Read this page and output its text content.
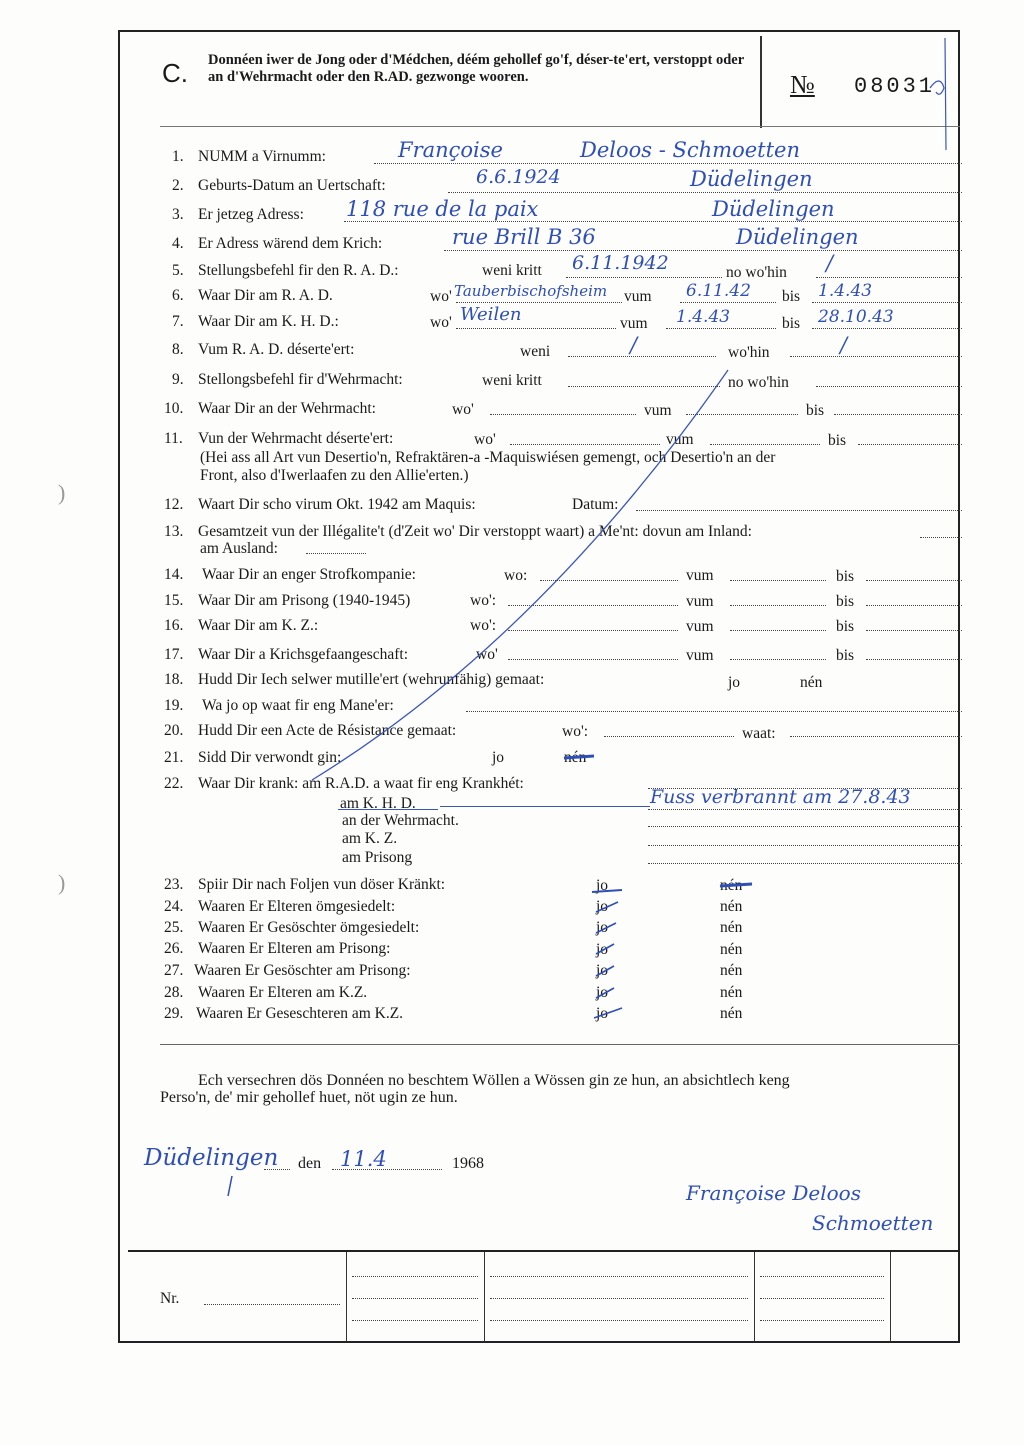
C. Donnéen iwer de Jong oder d'Médchen, déém gehollef go'f, déser-te'ert, verstoppt oder an d'Wehrmacht oder den R.AD. gezwonge wooren.	№ 08031
)
)
1. NUMM a Virnumm:	Françoise	Deloos - Schmoetten
2. Geburts-Datum an Uertschaft:	6.6.1924	Düdelingen
3. Er jetzeg Adress: 118 rue de la paix	Düdelingen
4. Er Adress wärend dem Krich:	rue Brill B 36	Düdelingen
5. Stellungsbefehl fir den R. A. D.:	weni kritt 6.11.1942	no wo'hin /
6. Waar Dir am R. A. D.	wo' Tauberbischofsheim vum 6.11.42 bis 1.4.43
7. Waar Dir am K. H. D.:	wo' Weilen	vum 1.4.43	bis 28.10.43
8. Vum R. A. D. déserte'ert:	weni	/	wo'hin	/
9. Stellongsbefehl fir d'Wehrmacht:	weni kritt	no wo'hin
10. Waar Dir an der Wehrmacht:	wo'	vum	bis
11. Vun der Wehrmacht déserte'ert:	wo'	vum	bis
(Hei ass all Art vun Desertio'n, Refraktären-a -Maquiswiésen gemengt, och Desertio'n an der
Front, also d'Iwerlaafen zu den Allie'erten.)
12. Waart Dir scho virum Okt. 1942 am Maquis:	Datum:
13. Gesamtzeit vun der Illégalite't (d'Zeit wo' Dir verstoppt waart) a Me'nt: dovun am Inland:
am Ausland:
14. Waar Dir an enger Strofkompanie:	wo:	vum	bis
15. Waar Dir am Prisong (1940-1945)	wo':	vum	bis
16. Waar Dir am K. Z.:	wo':	vum	bis
17. Waar Dir a Krichsgefaangeschaft:	wo'	vum	bis
18. Hudd Dir Iech selwer mutille'ert (wehrunfähig) gemaat:	jo	nén
19. Wa jo op waat fir eng Mane'er:
20. Hudd Dir een Acte de Résistance gemaat:	wo':	waat:
21. Sidd Dir verwondt gin:	jo	nén
22. Waar Dir krank: am R.A.D. a waat fir eng Krankhét:
am K. H. D.	Fuss verbrannt am 27.8.43
an der Wehrmacht.
am K. Z.
am Prisong
23. Spiir Dir nach Foljen vun döser Kränkt:	jo	nén
24. Waaren Er Elteren ömgesiedelt:	jo	nén
25. Waaren Er Gesöschter ömgesiedelt:	jo	nén
26. Waaren Er Elteren am Prisong:	jo	nén
27. Waaren Er Gesöschter am Prisong:	jo	nén
28. Waaren Er Elteren am K.Z.	jo	nén
29. Waaren Er Geseschteren am K.Z.	jo	nén
Ech versechren dös Donnéen no beschtem Wöllen a Wössen gin ze hun, an absichtlech keng
Perso'n, de' mir gehollef huet, nöt ugin ze hun.
Düdelingen den 11.4	1968
Françoise Deloos
Schmoetten
Nr.
